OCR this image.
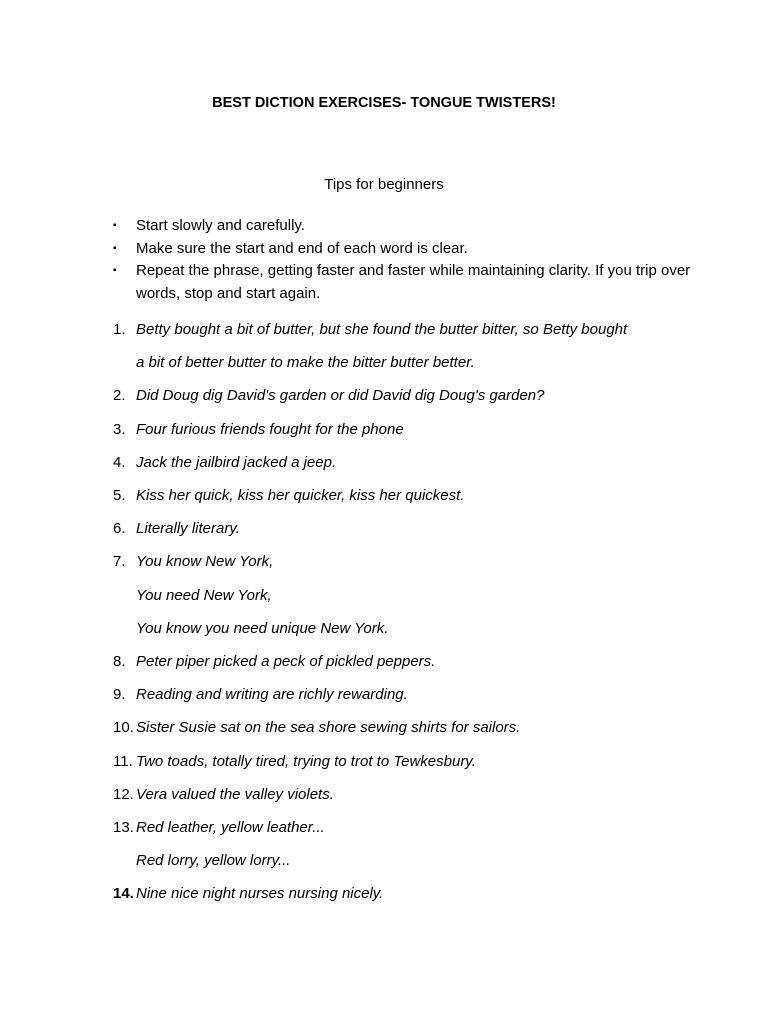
BEST DICTION EXERCISES- TONGUE TWISTERS!
Tips for beginners
▪ Start slowly and carefully.
▪ Make sure the start and end of each word is clear.
▪ Repeat the phrase, getting faster and faster while maintaining clarity. If you trip over words, stop and start again.
1. Betty bought a bit of butter, but she found the butter bitter, so Betty bought
a bit of better butter to make the bitter butter better.
2. Did Doug dig David's garden or did David dig Doug's garden?
3. Four furious friends fought for the phone
4. Jack the jailbird jacked a jeep.
5. Kiss her quick, kiss her quicker, kiss her quickest.
6. Literally literary.
7. You know New York,
You need New York,
You know you need unique New York.
8. Peter piper picked a peck of pickled peppers.
9. Reading and writing are richly rewarding.
10. Sister Susie sat on the sea shore sewing shirts for sailors.
11. Two toads, totally tired, trying to trot to Tewkesbury.
12. Vera valued the valley violets.
13. Red leather, yellow leather...
Red lorry, yellow lorry...
14. Nine nice night nurses nursing nicely.
